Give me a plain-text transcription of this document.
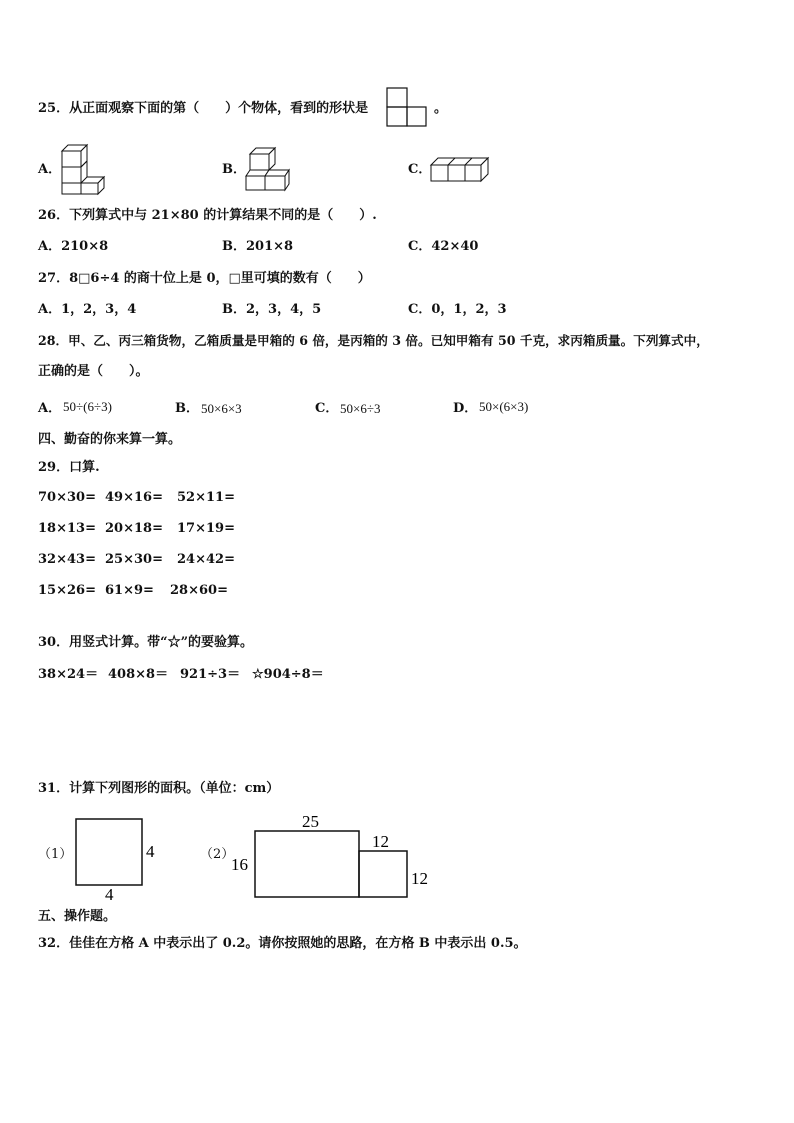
25．从正面观察下面的第（　　）个物体，看到的形状是	。
A．	B．	C．
26．下列算式中与 21×80 的计算结果不同的是（　　）.
A．210×8	B．201×8	C．42×40
27．8□6÷4 的商十位上是 0，□里可填的数有（　　）
A．1，2，3，4	B．2，3，4，5	C．0，1，2，3
28．甲、乙、丙三箱货物，乙箱质量是甲箱的 6 倍，是丙箱的 3 倍。已知甲箱有 50 千克，求丙箱质量。下列算式中，
正确的是（　　）。
A． 50÷(6÷3)	B． 50×6×3	C． 50×6÷3	D． 50×(6×3)
四、勤奋的你来算一算。
29．口算.
70×30= 49×16= 52×11=
18×13= 20×18= 17×19=
32×43= 25×30= 24×42=
15×26= 61×9= 28×60=
30．用竖式计算。带“☆”的要验算。
38×24＝ 408×8＝ 921÷3＝ ☆904÷8＝
31．计算下列图形的面积。（单位：cm）
（1）	4
4
（2）
25
16
12
12
五、操作题。
32．佳佳在方格 A 中表示出了 0.2。请你按照她的思路，在方格 B 中表示出 0.5。
